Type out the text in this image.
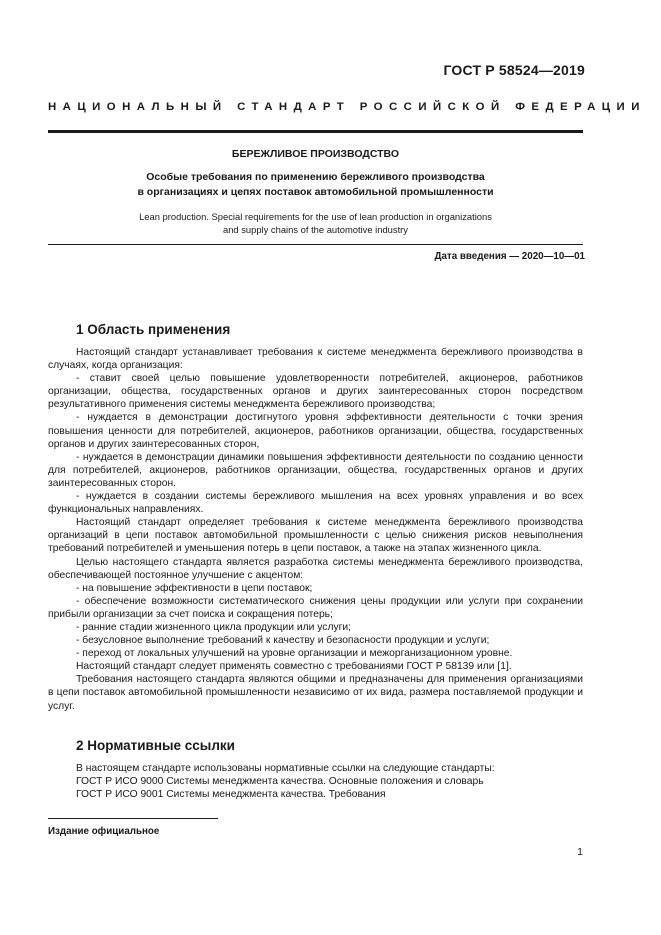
ГОСТ Р 58524—2019
НАЦИОНАЛЬНЫЙ СТАНДАРТ РОССИЙСКОЙ ФЕДЕРАЦИИ
БЕРЕЖЛИВОЕ ПРОИЗВОДСТВО
Особые требования по применению бережливого производства
в организациях и цепях поставок автомобильной промышленности
Lean production. Special requirements for the use of lean production in organizations
and supply chains of the automotive industry
Дата введения — 2020—10—01
1 Область применения

Настоящий стандарт устанавливает требования к системе менеджмента бережливого производства в случаях, когда организация:

- ставит своей целью повышение удовлетворенности потребителей, акционеров, работников организации, общества, государственных органов и других заинтересованных сторон посредством результативного применения системы менеджмента бережливого производства;

- нуждается в демонстрации достигнутого уровня эффективности деятельности с точки зрения повышения ценности для потребителей, акционеров, работников организации, общества, государственных органов и других заинтересованных сторон,

- нуждается в демонстрации динамики повышения эффективности деятельности по созданию ценности для потребителей, акционеров, работников организации, общества, государственных органов и других заинтересованных сторон.

- нуждается в создании системы бережливого мышления на всех уровнях управления и во всех функциональных направлениях.

Настоящий стандарт определяет требования к системе менеджмента бережливого производства организаций в цепи поставок автомобильной промышленности с целью снижения рисков невыполнения требований потребителей и уменьшения потерь в цепи поставок, а также на этапах жизненного цикла.

Целью настоящего стандарта является разработка системы менеджмента бережливого производства, обеспечивающей постоянное улучшение с акцентом:

- на повышение эффективности в цепи поставок;

- обеспечение возможности систематического снижения цены продукции или услуги при сохранении прибыли организации за счет поиска и сокращения потерь;

- ранние стадии жизненного цикла продукции или услуги;

- безусловное выполнение требований к качеству и безопасности продукции и услуги;

- переход от локальных улучшений на уровне организации и межорганизационном уровне.

Настоящий стандарт следует применять совместно с требованиями ГОСТ Р 58139 или [1].

Требования настоящего стандарта являются общими и предназначены для применения организациями в цепи поставок автомобильной промышленности независимо от их вида, размера поставляемой продукции и услуг.

2 Нормативные ссылки

В настоящем стандарте использованы нормативные ссылки на следующие стандарты:

ГОСТ Р ИСО 9000 Системы менеджмента качества. Основные положения и словарь

ГОСТ Р ИСО 9001 Системы менеджмента качества. Требования

Издание официальное
1
